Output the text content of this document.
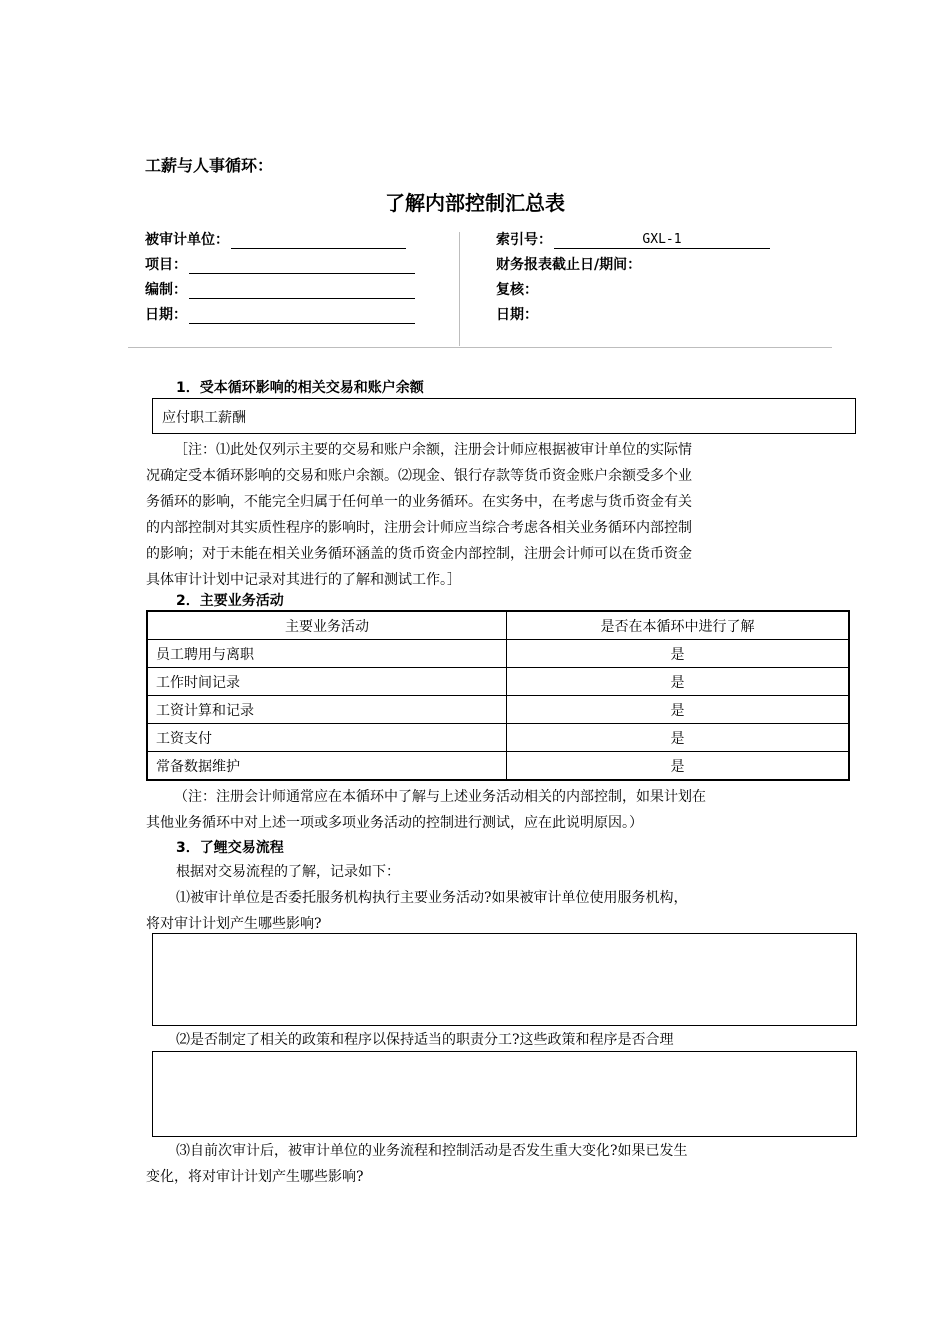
工薪与人事循环：
了解内部控制汇总表
被审计单位：
项目：
编制：
日期：
索引号：	GXL-1
财务报表截止日/期间：
复核：
日期：
1．受本循环影响的相关交易和账户余额
应付职工薪酬
［注：⑴此处仅列示主要的交易和账户余额，注册会计师应根据被审计单位的实际情
况确定受本循环影响的交易和账户余额。⑵现金、银行存款等货币资金账户余额受多个业
务循环的影响，不能完全归属于任何单一的业务循环。在实务中，在考虑与货币资金有关
的内部控制对其实质性程序的影响时，注册会计师应当综合考虑各相关业务循环内部控制
的影响；对于未能在相关业务循环涵盖的货币资金内部控制，注册会计师可以在货币资金
具体审计计划中记录对其进行的了解和测试工作。］
2．主要业务活动
主要业务活动	是否在本循环中进行了解
员工聘用与离职	是
工作时间记录	是
工资计算和记录	是
工资支付	是
常备数据维护	是
（注：注册会计师通常应在本循环中了解与上述业务活动相关的内部控制，如果计划在
其他业务循环中对上述一项或多项业务活动的控制进行测试，应在此说明原因。）
3．了鲤交易流程
根据对交易流程的了解，记录如下：
⑴被审计单位是否委托服务机构执行主要业务活动?如果被审计单位使用服务机构，
将对审计计划产生哪些影响?
⑵是否制定了相关的政策和程序以保持适当的职责分工?这些政策和程序是否合理
⑶自前次审计后，被审计单位的业务流程和控制活动是否发生重大变化?如果已发生
变化，将对审计计划产生哪些影响?
